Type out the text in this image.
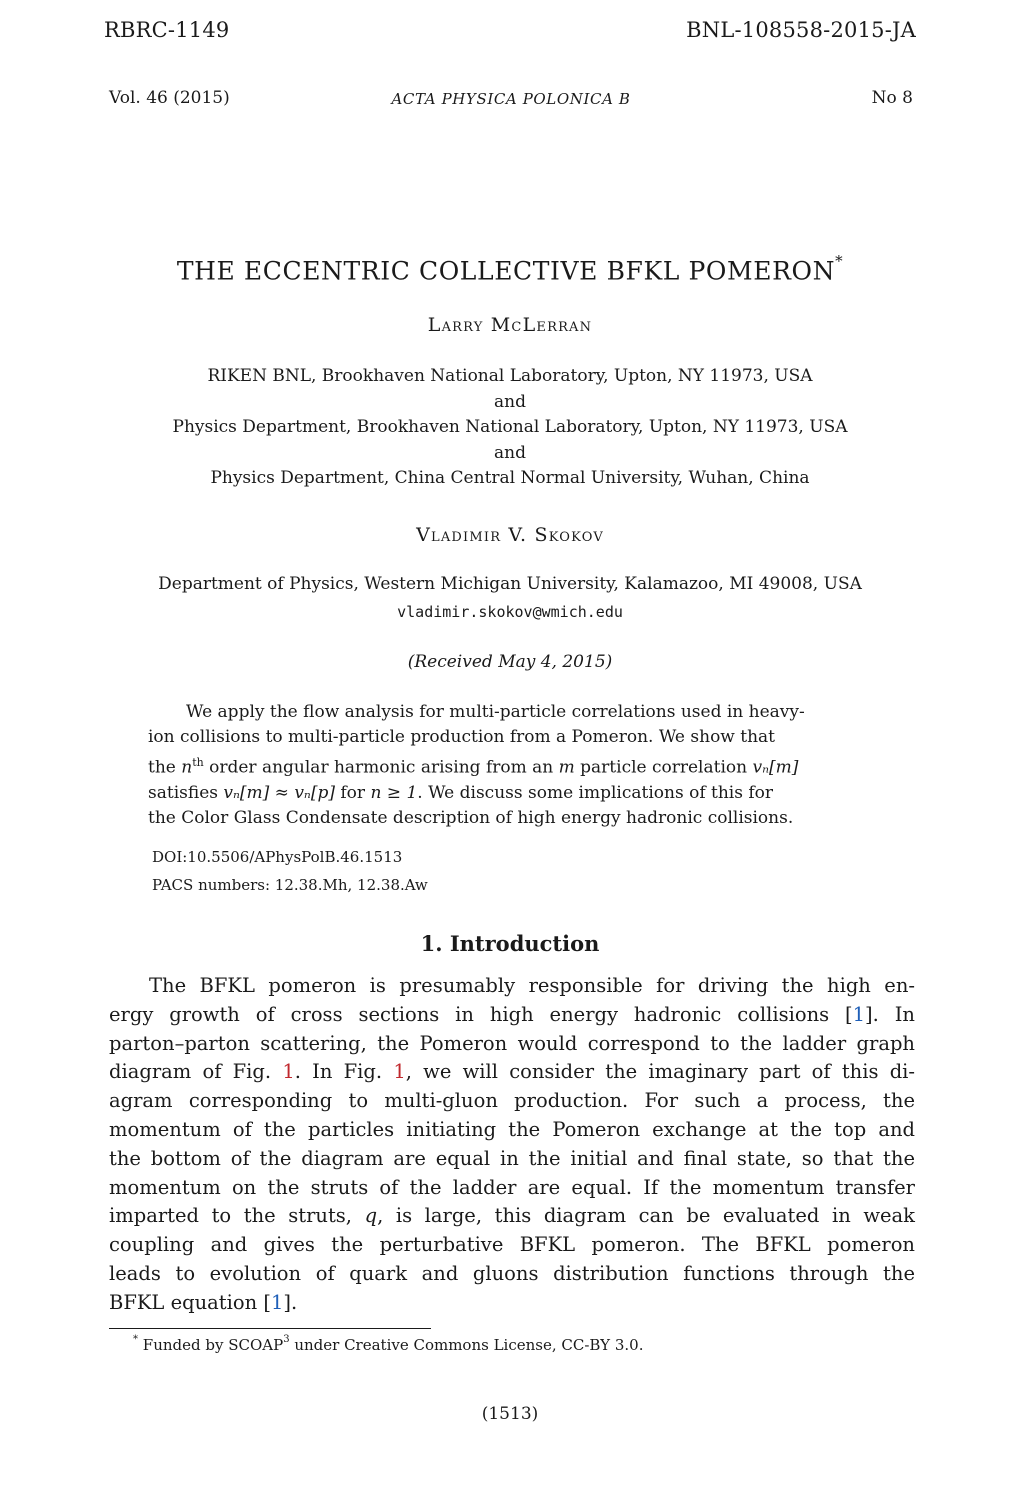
RBRC-1149	BNL-108558-2015-JA
Vol. 46 (2015)	ACTA PHYSICA POLONICA B	No 8
THE ECCENTRIC COLLECTIVE BFKL POMERON*
Larry McLerran
RIKEN BNL, Brookhaven National Laboratory, Upton, NY 11973, USA
and
Physics Department, Brookhaven National Laboratory, Upton, NY 11973, USA
and
Physics Department, China Central Normal University, Wuhan, China
Vladimir V. Skokov
Department of Physics, Western Michigan University, Kalamazoo, MI 49008, USA
vladimir.skokov@wmich.edu
(Received May 4, 2015)
We apply the flow analysis for multi-particle correlations used in heavy-
ion collisions to multi-particle production from a Pomeron. We show that
the $n^{th}$ order angular harmonic arising from an m particle correlation vₙ[m]
satisfies vₙ[m] ≈ vₙ[p] for n ≥ 1. We discuss some implications of this for
the Color Glass Condensate description of high energy hadronic collisions.
DOI:10.5506/APhysPolB.46.1513
PACS numbers: 12.38.Mh, 12.38.Aw
1. Introduction
The BFKL pomeron is presumably responsible for driving the high en-
ergy growth of cross sections in high energy hadronic collisions [1]. In
parton–parton scattering, the Pomeron would correspond to the ladder graph
diagram of Fig. 1. In Fig. 1, we will consider the imaginary part of this di-
agram corresponding to multi-gluon production. For such a process, the
momentum of the particles initiating the Pomeron exchange at the top and
the bottom of the diagram are equal in the initial and final state, so that the
momentum on the struts of the ladder are equal. If the momentum transfer
imparted to the struts, q, is large, this diagram can be evaluated in weak
coupling and gives the perturbative BFKL pomeron. The BFKL pomeron
leads to evolution of quark and gluons distribution functions through the
BFKL equation [1].
* Funded by SCOAP$^3$ under Creative Commons License, CC-BY 3.0.
(1513)
